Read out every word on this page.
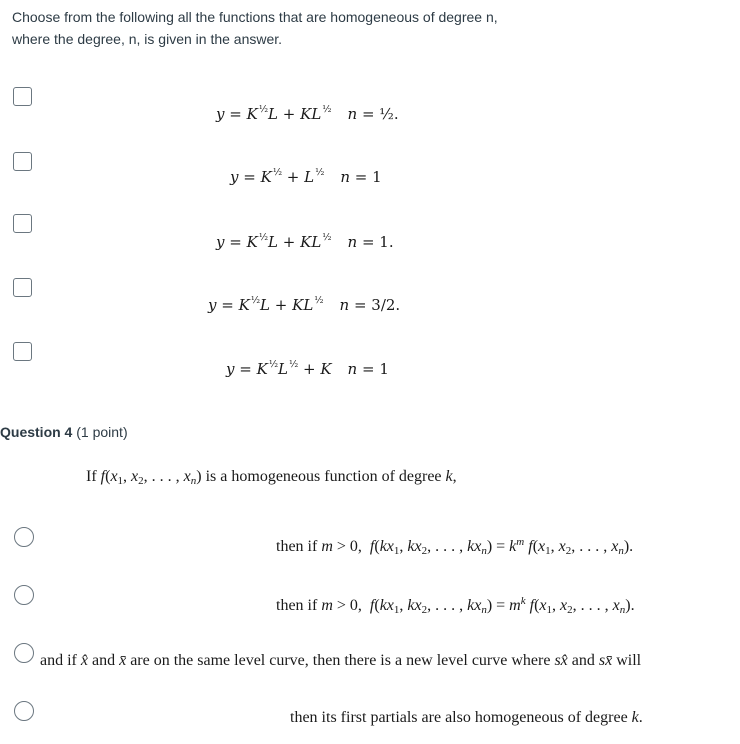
Choose from the following all the functions that are homogeneous of degree n,
where the degree, n, is given in the answer.
$y = K^{\frac{1}{2}}L + KL^{\frac{1}{2}}$ n = ½.
$y = K^{\frac{1}{2}} + L^{\frac{1}{2}}$ n = 1
$y = K^{\frac{1}{2}}L + KL^{\frac{1}{2}}$ n = 1.
$y = K^{\frac{1}{2}}L + KL^{\frac{1}{2}}$ n = 3/2.
$y = K^{\frac{1}{2}}L^{\frac{1}{2}} + K$ n = 1
Question 4 (1 point)
If $f(x_1$, $x_2$, . . . , $x_n$) is a homogeneous function of degree k,
then if m > 0,  $f(kx_1$, $kx_2$, . . . , $kx_n) = k^m$ $f(x_1$, $x_2$, . . . , $x_n$).
then if m > 0,  $f(kx_1$, $kx_2$, . . . , $kx_n) = m^k$ $f(x_1$, $x_2$, . . . , $x_n$).
and if x̂ and x̄ are on the same level curve, then there is a new level curve where sx̂ and sx̄ will
then its first partials are also homogeneous of degree k.
